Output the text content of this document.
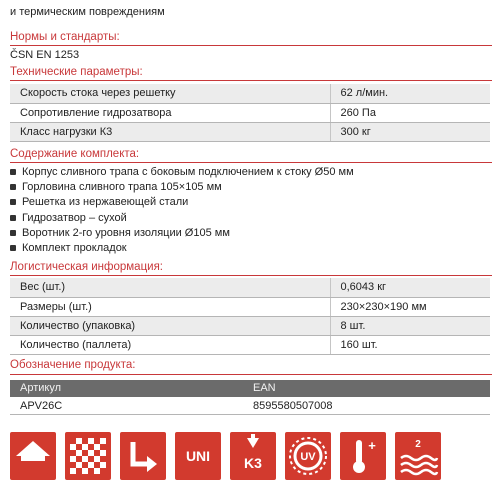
и термическим повреждениям
Нормы и стандарты:
ČSN EN 1253
Технические параметры:
Скорость стока через решетку	62 л/мин.
Сопротивление гидрозатвора	260 Па
Класс нагрузки К3	300 кг
Содержание комплекта:
Корпус сливного трапа с боковым подключением к стоку Ø50 мм
Горловина сливного трапа 105×105 мм
Решетка из нержавеющей стали
Гидрозатвор – сухой
Воротник 2-го уровня изоляции Ø105 мм
Комплект прокладок
Логистическая информация:
Вес (шт.)	0,6043 кг
Размеры (шт.)	230×230×190 мм
Количество (упаковка)	8 шт.
Количество (паллета)	160 шт.
Обозначение продукта:
Артикул	EAN
APV26C	8595580507008
EXTER
UNI K3	UV
+	2
